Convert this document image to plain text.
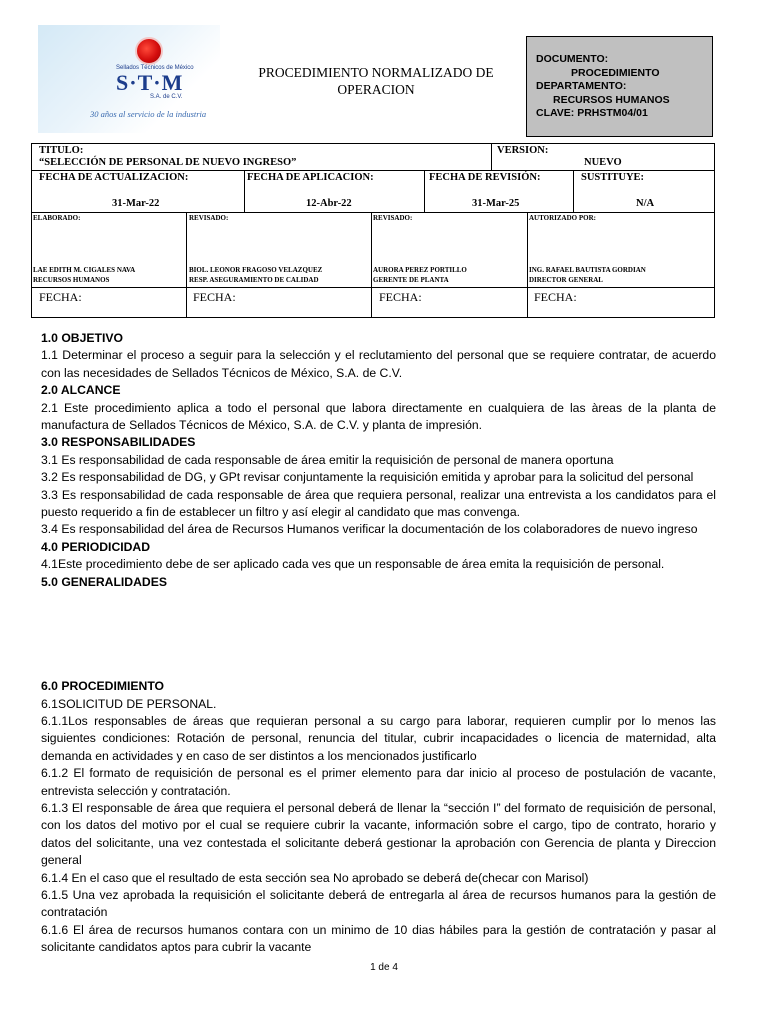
Sellados Técnicos de México
S·T·M
S.A. de C.V.
30 años al servicio de la industria
PROCEDIMIENTO NORMALIZADO DE
OPERACION
DOCUMENTO:
PROCEDIMIENTO
DEPARTAMENTO:
RECURSOS HUMANOS
CLAVE: PRHSTM04/01
TITULO:
“SELECCIÓN DE PERSONAL DE NUEVO INGRESO”
VERSION:
NUEVO
FECHA DE ACTUALIZACION:
31-Mar-22
FECHA DE APLICACION:
12-Abr-22
FECHA DE REVISIÓN:
31-Mar-25
SUSTITUYE:
N/A
ELABORADO:
LAE EDITH M. CIGALES NAVA
RECURSOS HUMANOS
REVISADO:
BIOL. LEONOR FRAGOSO VELAZQUEZ
RESP. ASEGURAMIENTO DE CALIDAD
REVISADO:
AURORA PEREZ PORTILLO
GERENTE DE PLANTA
AUTORIZADO POR:
ING. RAFAEL BAUTISTA GORDIAN
DIRECTOR GENERAL
FECHA:	FECHA:	FECHA:	FECHA:

1.0 OBJETIVO

1.1 Determinar el proceso a seguir para la selección y el reclutamiento del personal que se requiere contratar, de acuerdo con las necesidades de Sellados Técnicos de México, S.A. de C.V.

2.0 ALCANCE

2.1 Este procedimiento aplica a todo el personal que labora directamente en cualquiera de las àreas de la planta de manufactura de Sellados Técnicos de México, S.A. de C.V. y planta de impresión.

3.0 RESPONSABILIDADES

3.1 Es responsabilidad de cada responsable de área emitir la requisición de personal de manera oportuna

3.2 Es responsabilidad de DG, y GPt revisar conjuntamente la requisición emitida y aprobar para la solicitud del personal

3.3 Es responsabilidad de cada responsable de área que requiera personal, realizar una entrevista a los candidatos para el puesto requerido a fin de establecer un filtro y así elegir al candidato que mas convenga.

3.4 Es responsabilidad del área de Recursos Humanos verificar la documentación de los colaboradores de nuevo ingreso

4.0 PERIODICIDAD

4.1Este procedimiento debe de ser aplicado cada ves que un responsable de área emita la requisición de personal.

5.0 GENERALIDADES

6.0 PROCEDIMIENTO

6.1SOLICITUD DE PERSONAL.

6.1.1Los responsables de áreas que requieran personal a su cargo para laborar, requieren cumplir por lo menos las siguientes condiciones: Rotación de personal, renuncia del titular, cubrir incapacidades o licencia de maternidad, alta demanda en actividades y en caso de ser distintos a los mencionados justificarlo

6.1.2 El formato de requisición de personal es el primer elemento para dar inicio al proceso de postulación de vacante, entrevista selección y contratación.

6.1.3 El responsable de área que requiera el personal deberá de llenar la “sección I” del formato de requisición de personal, con los datos del motivo por el cual se requiere cubrir la vacante, información sobre el cargo, tipo de contrato, horario y datos del solicitante, una vez contestada el solicitante deberá gestionar la aprobación con Gerencia de planta y Direccion general

6.1.4 En el caso que el resultado de esta sección sea No aprobado se deberá de(checar con Marisol)

6.1.5 Una vez aprobada la requisición el solicitante deberá de entregarla al área de recursos humanos para la gestión de contratación

6.1.6 El área de recursos humanos contara con un minimo de 10 dias hábiles para la gestión de contratación y pasar al solicitante candidatos aptos para cubrir la vacante

1 de 4
